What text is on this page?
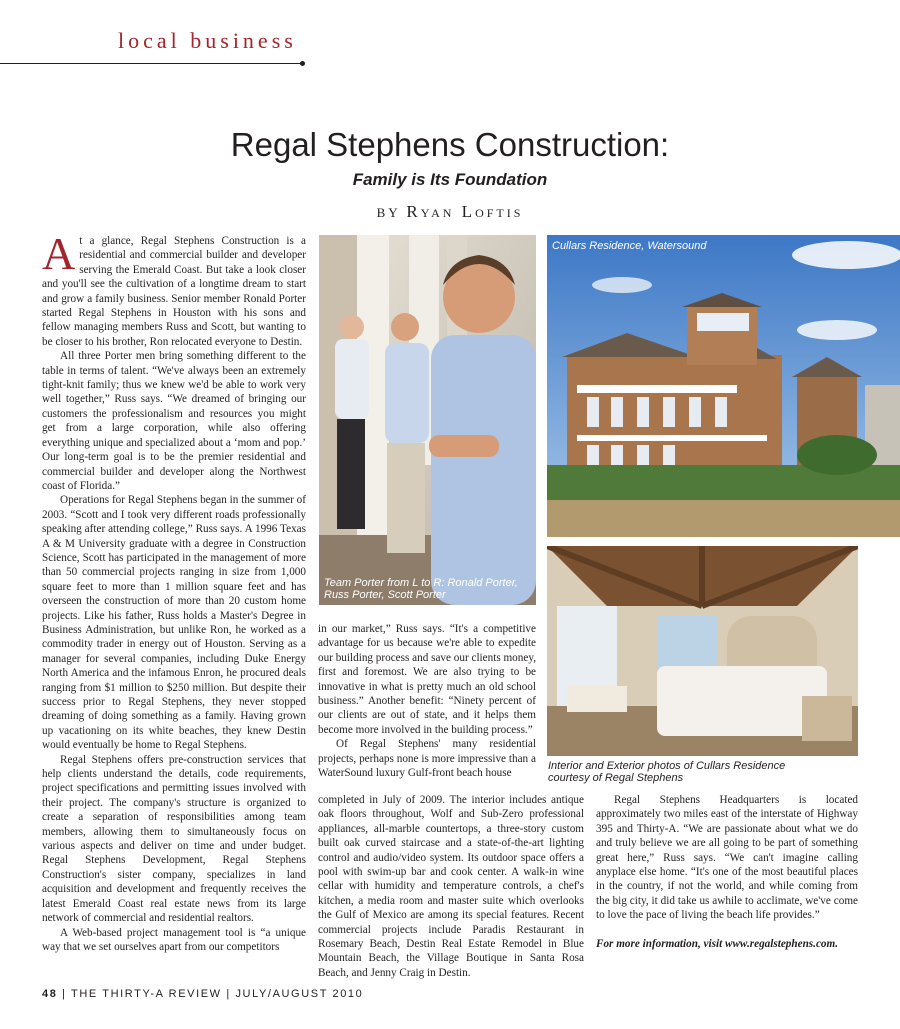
local business
Regal Stephens Construction:
Family is Its Foundation
BY Ryan Loftis

At a glance, Regal Stephens Construction is a residential and commercial builder and developer serving the Emerald Coast. But take a look closer and you'll see the cultivation of a longtime dream to start and grow a family business. Senior member Ronald Porter started Regal Stephens in Houston with his sons and fellow managing members Russ and Scott, but wanting to be closer to his brother, Ron relocated everyone to Destin.

All three Porter men bring something different to the table in terms of talent. “We've always been an extremely tight-knit family; thus we knew we'd be able to work very well together,” Russ says. “We dreamed of bringing our customers the professionalism and resources you might get from a large corporation, while also offering everything unique and specialized about a ‘mom and pop.’ Our long-term goal is to be the premier residential and commercial builder and developer along the Northwest coast of Florida.”

Operations for Regal Stephens began in the summer of 2003. “Scott and I took very different roads professionally speaking after attending college,” Russ says. A 1996 Texas A & M University graduate with a degree in Construction Science, Scott has participated in the management of more than 50 commercial projects ranging in size from 1,000 square feet to more than 1 million square feet and has overseen the construction of more than 20 custom home projects. Like his father, Russ holds a Master's Degree in Business Administration, but unlike Ron, he worked as a commodity trader in energy out of Houston. Serving as a manager for several companies, including Duke Energy North America and the infamous Enron, he procured deals ranging from $1 million to $250 million. But despite their success prior to Regal Stephens, they never stopped dreaming of doing something as a family. Having grown up vacationing on its white beaches, they knew Destin would eventually be home to Regal Stephens.

Regal Stephens offers pre-construction services that help clients understand the details, code requirements, project specifications and permitting issues involved with their project. The company's structure is organized to create a separation of responsibilities among team members, allowing them to simultaneously focus on various aspects and deliver on time and under budget. Regal Stephens Development, Regal Stephens Construction's sister company, specializes in land acquisition and development and frequently receives the latest Emerald Coast real estate news from its large network of commercial and residential realtors.

A Web-based project management tool is “a unique way that we set ourselves apart from our competitors

Team Porter from L to R: Ronald Porter, Russ Porter, Scott Porter

in our market,” Russ says. “It's a competitive advantage for us because we're able to expedite our building process and save our clients money, first and foremost. We are also trying to be innovative in what is pretty much an old school business.” Another benefit: “Ninety percent of our clients are out of state, and it helps them become more involved in the building process.”

Of Regal Stephens' many residential projects, perhaps none is more impressive than a WaterSound luxury Gulf-front beach house

completed in July of 2009. The interior includes antique oak floors throughout, Wolf and Sub-Zero professional appliances, all-marble countertops, a three-story custom built oak curved staircase and a state-of-the-art lighting control and audio/video system. Its outdoor space offers a pool with swim-up bar and cook center. A walk-in wine cellar with humidity and temperature controls, a chef's kitchen, a media room and master suite which overlooks the Gulf of Mexico are among its special features. Recent commercial projects include Paradis Restaurant in Rosemary Beach, Destin Real Estate Remodel in Blue Mountain Beach, the Village Boutique in Santa Rosa Beach, and Jenny Craig in Destin.

Cullars Residence, Watersound
Interior and Exterior photos of Cullars Residence courtesy of Regal Stephens

Regal Stephens Headquarters is located approximately two miles east of the interstate of Highway 395 and Thirty-A. “We are passionate about what we do and truly believe we are all going to be part of something great here,” Russ says. “We can't imagine calling anyplace else home. “It's one of the most beautiful places in the country, if not the world, and while coming from the big city, it did take us awhile to acclimate, we've come to love the pace of living the beach life provides.”

For more information, visit www.regalstephens.com.

48 | THE THIRTY-A REVIEW | JULY/AUGUST 2010
